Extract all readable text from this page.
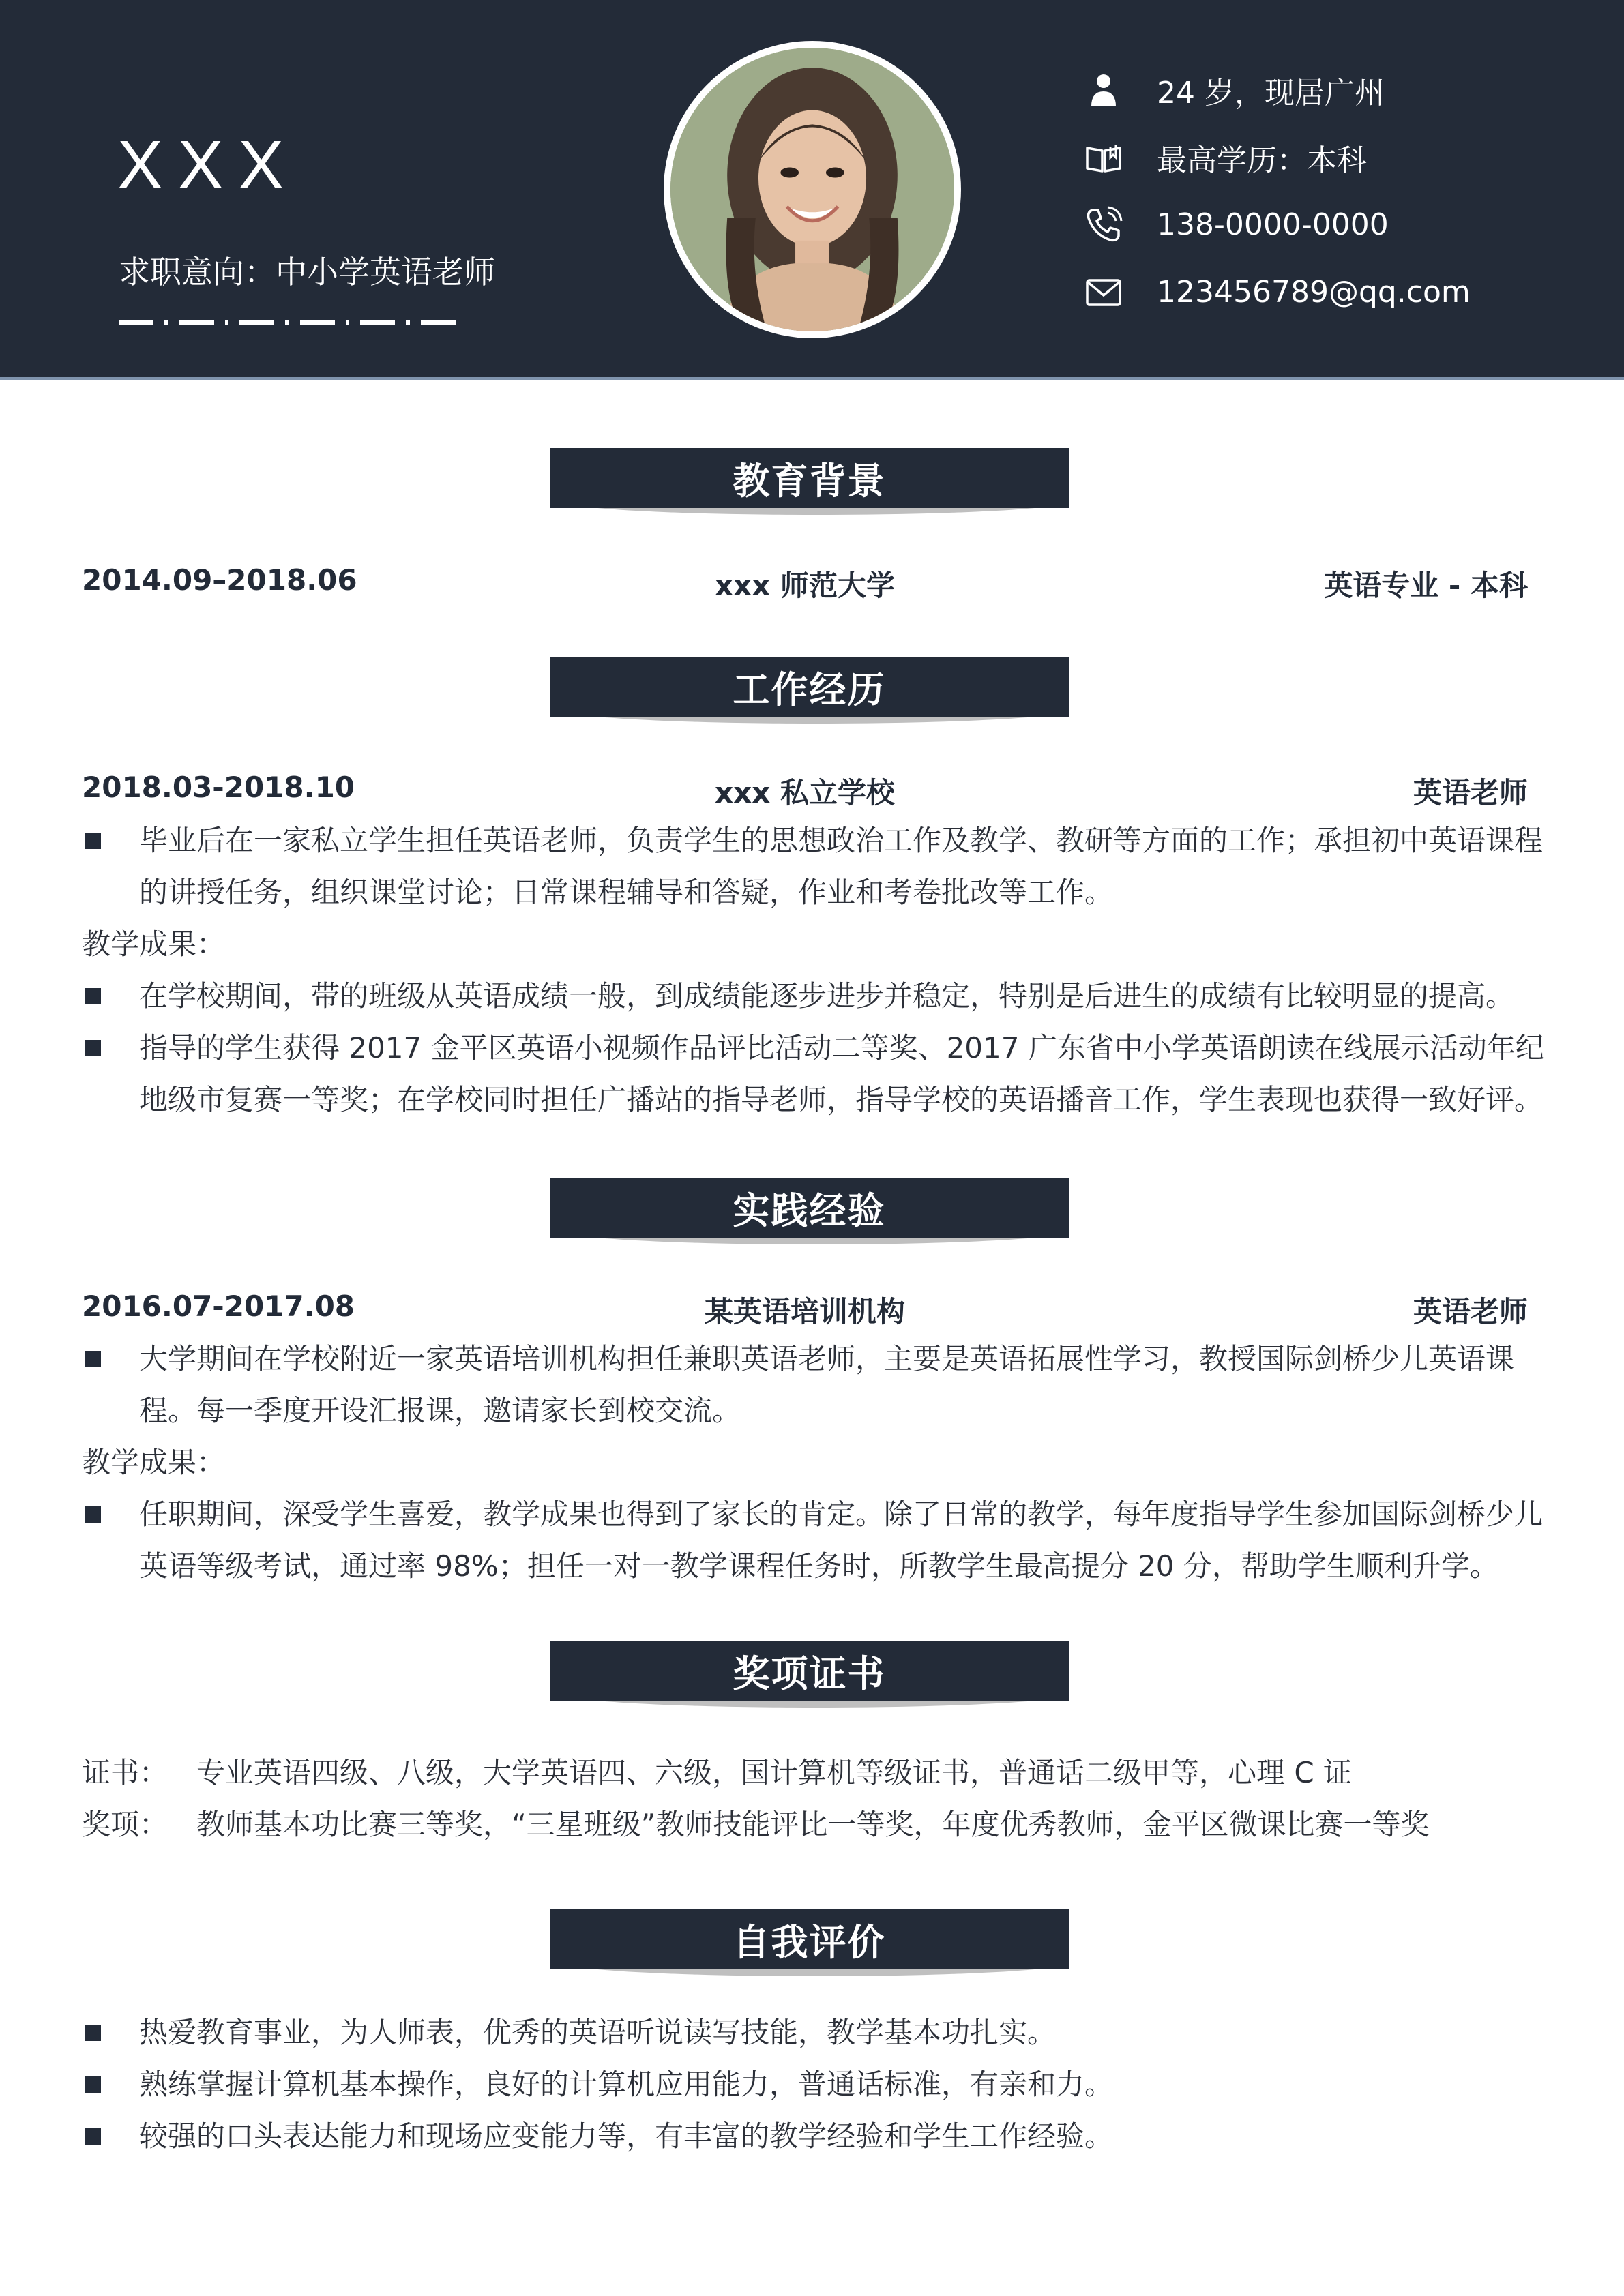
XXX
求职意向：中小学英语老师
24 岁，现居广州
最高学历：本科
138-0000-0000
123456789@qq.com
教育背景
2014.09–2018.06	xxx 师范大学	英语专业 - 本科
工作经历
2018.03-2018.10	xxx 私立学校	英语老师
毕业后在一家私立学生担任英语老师，负责学生的思想政治工作及教学、教研等方面的工作；承担初中英语课程的讲授任务，组织课堂讨论；日常课程辅导和答疑，作业和考卷批改等工作。
教学成果：
在学校期间，带的班级从英语成绩一般，到成绩能逐步进步并稳定，特别是后进生的成绩有比较明显的提高。
指导的学生获得 2017 金平区英语小视频作品评比活动二等奖、2017 广东省中小学英语朗读在线展示活动年纪地级市复赛一等奖；在学校同时担任广播站的指导老师，指导学校的英语播音工作，学生表现也获得一致好评。
实践经验
2016.07-2017.08	某英语培训机构	英语老师
大学期间在学校附近一家英语培训机构担任兼职英语老师，主要是英语拓展性学习，教授国际剑桥少儿英语课程。每一季度开设汇报课，邀请家长到校交流。
教学成果：
任职期间，深受学生喜爱，教学成果也得到了家长的肯定。除了日常的教学，每年度指导学生参加国际剑桥少儿英语等级考试，通过率 98%；担任一对一教学课程任务时，所教学生最高提分 20 分，帮助学生顺利升学。
奖项证书
证书： 专业英语四级、八级，大学英语四、六级，国计算机等级证书，普通话二级甲等，心理 C 证
奖项： 教师基本功比赛三等奖，“三星班级”教师技能评比一等奖，年度优秀教师，金平区微课比赛一等奖
自我评价
热爱教育事业，为人师表，优秀的英语听说读写技能，教学基本功扎实。
熟练掌握计算机基本操作，良好的计算机应用能力，普通话标准，有亲和力。
较强的口头表达能力和现场应变能力等，有丰富的教学经验和学生工作经验。
